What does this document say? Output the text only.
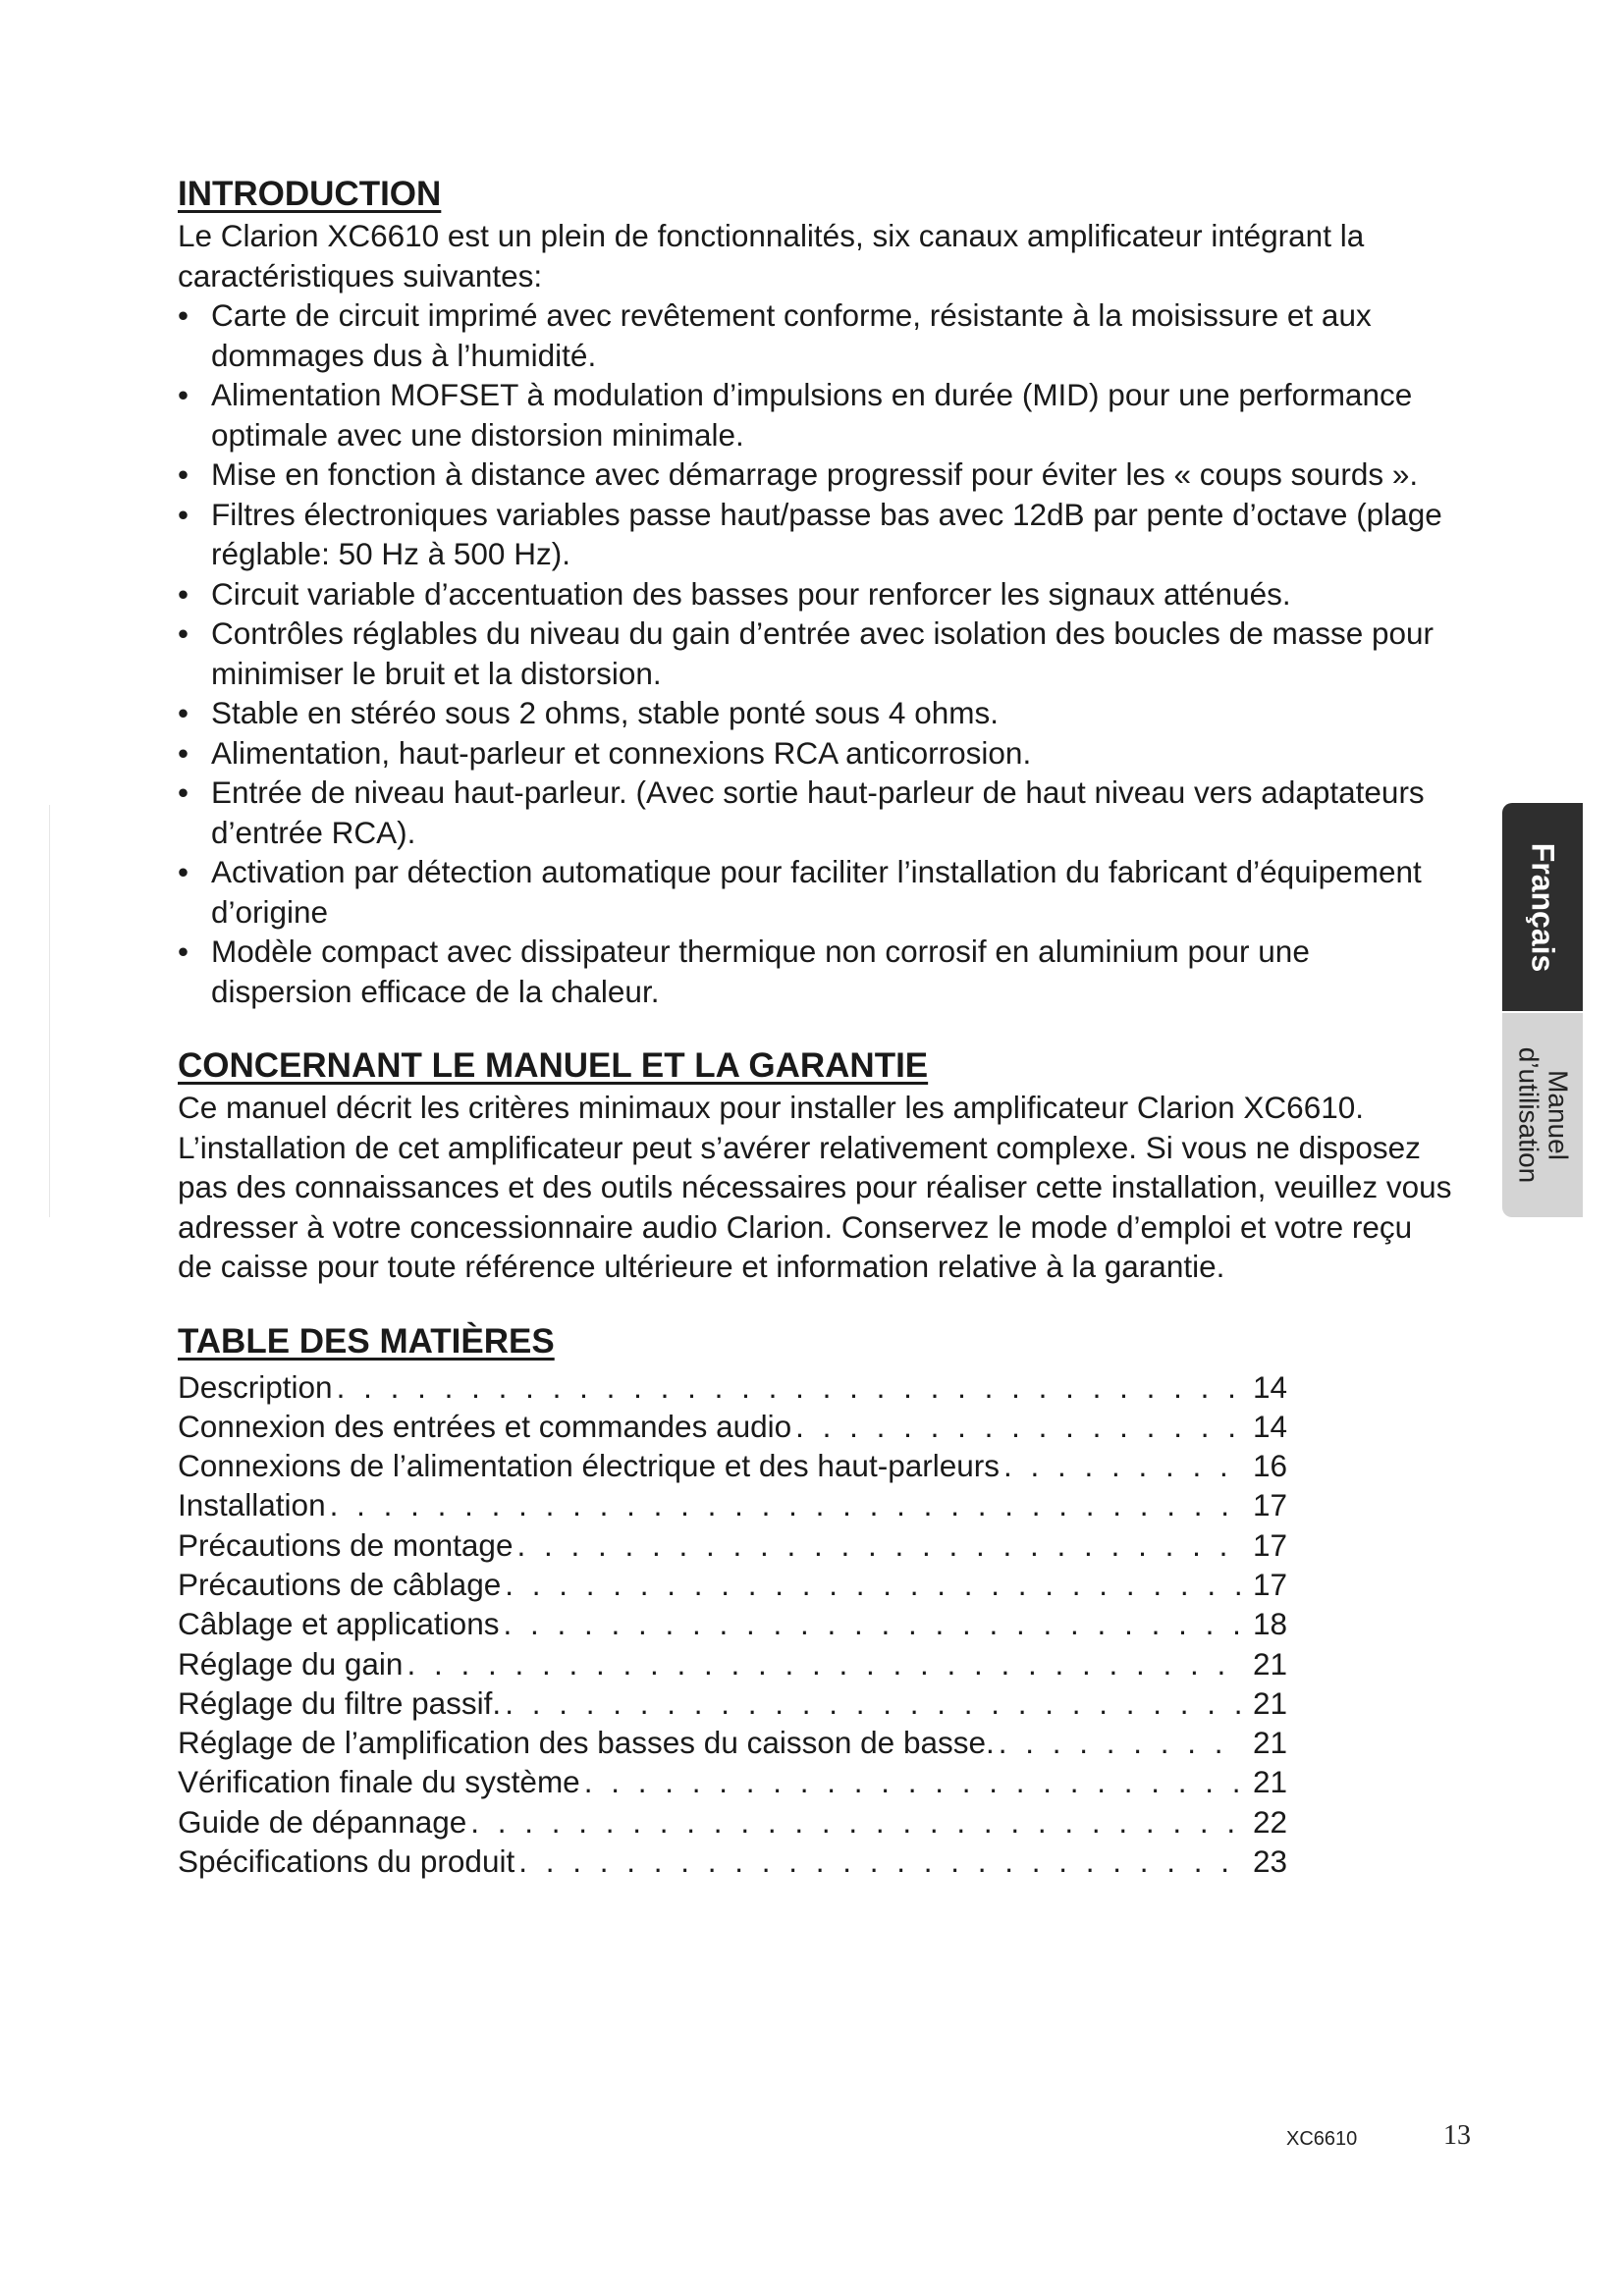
INTRODUCTION

Le Clarion XC6610 est un plein de fonctionnalités, six canaux amplificateur intégrant la caractéristiques suivantes:

• Carte de circuit imprimé avec revêtement conforme, résistante à la moisissure et aux dommages dus à l’humidité.
• Alimentation MOFSET à modulation d’impulsions en durée (MID) pour une performance optimale avec une distorsion minimale.
• Mise en fonction à distance avec démarrage progressif pour éviter les « coups sourds ».
• Filtres électroniques variables passe haut/passe bas avec 12dB par pente d’octave (plage réglable: 50 Hz à 500 Hz).
• Circuit variable d’accentuation des basses pour renforcer les signaux atténués.
• Contrôles réglables du niveau du gain d’entrée avec isolation des boucles de masse pour minimiser le bruit et la distorsion.
• Stable en stéréo sous 2 ohms, stable ponté sous 4 ohms.
• Alimentation, haut-parleur et connexions RCA anticorrosion.
• Entrée de niveau haut-parleur. (Avec sortie haut-parleur de haut niveau vers adaptateurs d’entrée RCA).
• Activation par détection automatique pour faciliter l’installation du fabricant d’équipement d’origine
• Modèle compact avec dissipateur thermique non corrosif en aluminium pour une dispersion efficace de la chaleur.
CONCERNANT LE MANUEL ET LA GARANTIE

Ce manuel décrit les critères minimaux pour installer les amplificateur Clarion XC6610. L’installation de cet amplificateur peut s’avérer relativement complexe. Si vous ne disposez pas des connaissances et des outils nécessaires pour réaliser cette installation, veuillez vous adresser à votre concessionnaire audio Clarion. Conservez le mode d’emploi et votre reçu de caisse pour toute référence ultérieure et information relative à la garantie.

TABLE DES MATIÈRES
Description . . .	14
Connexion des entrées et commandes audio . . .	14
Connexions de l’alimentation électrique et des haut-parleurs . . .	16
Installation . . .	17
Précautions de montage . . .	17
Précautions de câblage . . .	17
Câblage et applications . . .	18
Réglage du gain . . .	21
Réglage du filtre passif. . . .	21
Réglage de l’amplification des basses du caisson de basse. . . .	21
Vérification finale du système . . .	21
Guide de dépannage . . .	22
Spécifications du produit . . .	23
Français
Manuel
d’utilisation
XC6610	13
